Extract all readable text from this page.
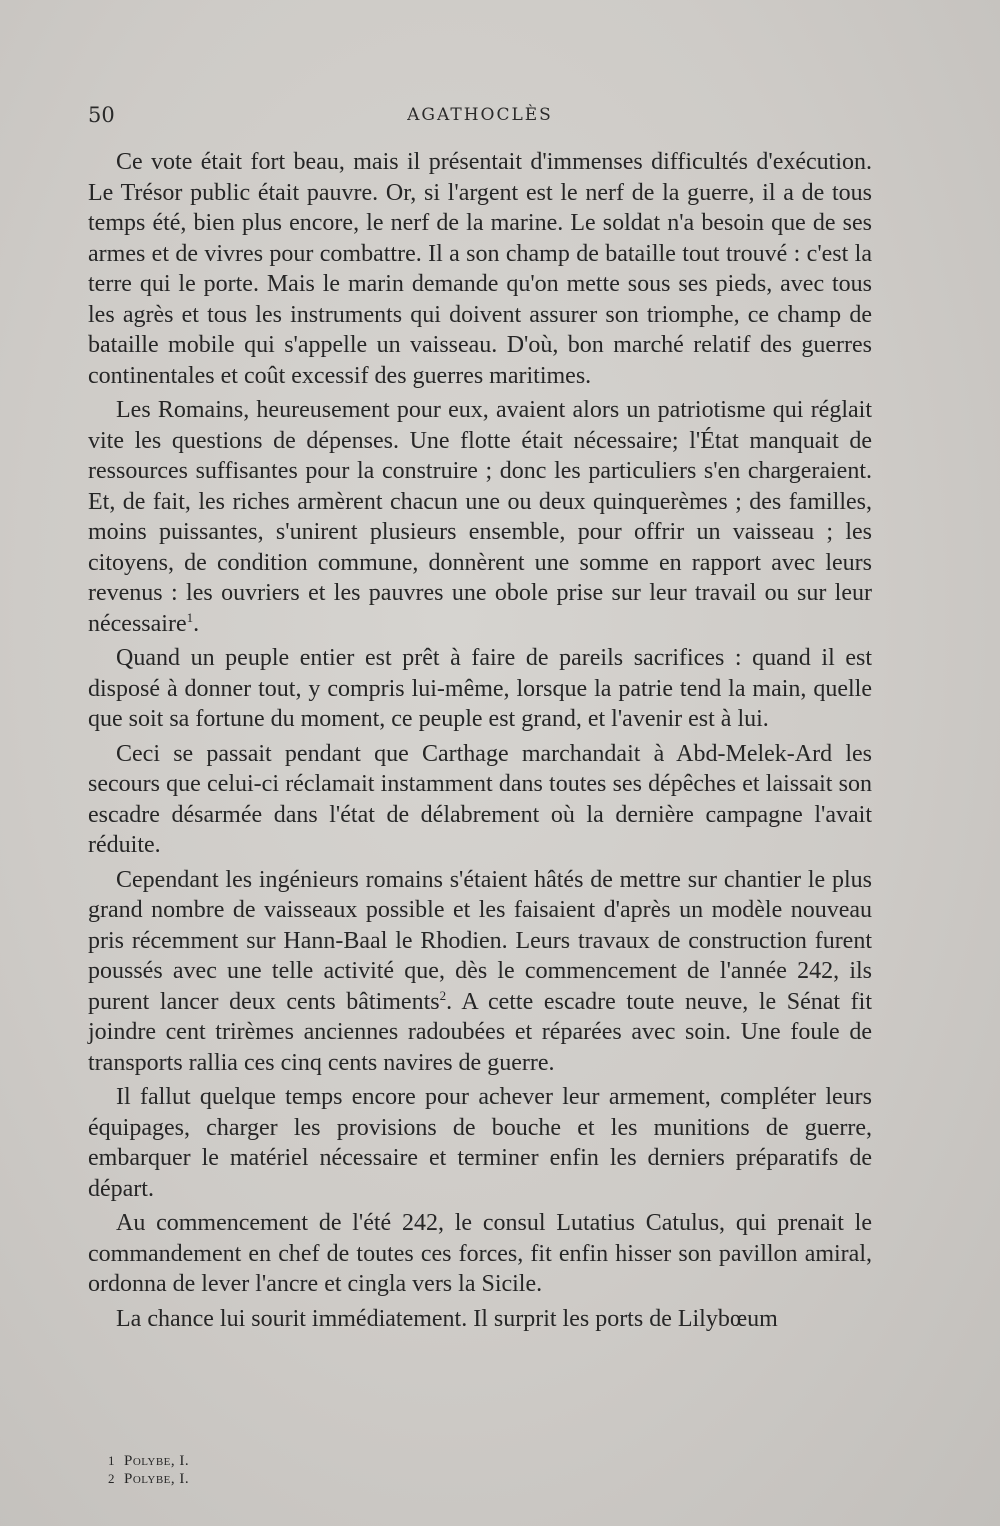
50	AGATHOCLÈS

Ce vote était fort beau, mais il présentait d'immenses difficultés d'exécution. Le Trésor public était pauvre. Or, si l'argent est le nerf de la guerre, il a de tous temps été, bien plus encore, le nerf de la marine. Le soldat n'a besoin que de ses armes et de vivres pour combattre. Il a son champ de bataille tout trouvé : c'est la terre qui le porte. Mais le marin demande qu'on mette sous ses pieds, avec tous les agrès et tous les instruments qui doivent assurer son triomphe, ce champ de bataille mobile qui s'appelle un vaisseau. D'où, bon marché relatif des guerres continentales et coût excessif des guerres maritimes.

Les Romains, heureusement pour eux, avaient alors un patriotisme qui réglait vite les questions de dépenses. Une flotte était nécessaire; l'État manquait de ressources suffisantes pour la construire ; donc les particuliers s'en chargeraient. Et, de fait, les riches armèrent chacun une ou deux quinquerèmes ; des familles, moins puissantes, s'unirent plusieurs ensemble, pour offrir un vaisseau ; les citoyens, de condition commune, donnèrent une somme en rapport avec leurs revenus : les ouvriers et les pauvres une obole prise sur leur travail ou sur leur nécessaire$^1$.

Quand un peuple entier est prêt à faire de pareils sacrifices : quand il est disposé à donner tout, y compris lui-même, lorsque la patrie tend la main, quelle que soit sa fortune du moment, ce peuple est grand, et l'avenir est à lui.

Ceci se passait pendant que Carthage marchandait à Abd-Melek-Ard les secours que celui-ci réclamait instamment dans toutes ses dépêches et laissait son escadre désarmée dans l'état de délabrement où la dernière campagne l'avait réduite.

Cependant les ingénieurs romains s'étaient hâtés de mettre sur chantier le plus grand nombre de vaisseaux possible et les faisaient d'après un modèle nouveau pris récemment sur Hann-Baal le Rhodien. Leurs travaux de construction furent poussés avec une telle activité que, dès le commencement de l'année 242, ils purent lancer deux cents bâtiments$^2$. A cette escadre toute neuve, le Sénat fit joindre cent trirèmes anciennes radoubées et réparées avec soin. Une foule de transports rallia ces cinq cents navires de guerre.

Il fallut quelque temps encore pour achever leur armement, compléter leurs équipages, charger les provisions de bouche et les munitions de guerre, embarquer le matériel nécessaire et terminer enfin les derniers préparatifs de départ.

Au commencement de l'été 242, le consul Lutatius Catulus, qui prenait le commandement en chef de toutes ces forces, fit enfin hisser son pavillon amiral, ordonna de lever l'ancre et cingla vers la Sicile.

La chance lui sourit immédiatement. Il surprit les ports de Lilybœum

1 Polybe, I.
2 Polybe, I.
